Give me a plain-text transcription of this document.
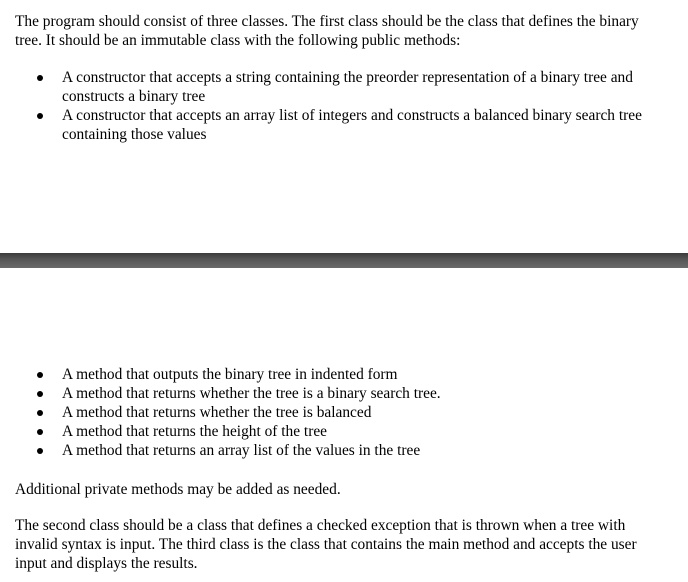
The program should consist of three classes. The first class should be the class that defines the binary tree. It should be an immutable class with the following public methods:
A constructor that accepts a string containing the preorder representation of a binary tree and constructs a binary tree
A constructor that accepts an array list of integers and constructs a balanced binary search tree containing those values
A method that outputs the binary tree in indented form
A method that returns whether the tree is a binary search tree.
A method that returns whether the tree is balanced
A method that returns the height of the tree
A method that returns an array list of the values in the tree
Additional private methods may be added as needed.
The second class should be a class that defines a checked exception that is thrown when a tree with invalid syntax is input. The third class is the class that contains the main method and accepts the user input and displays the results.
